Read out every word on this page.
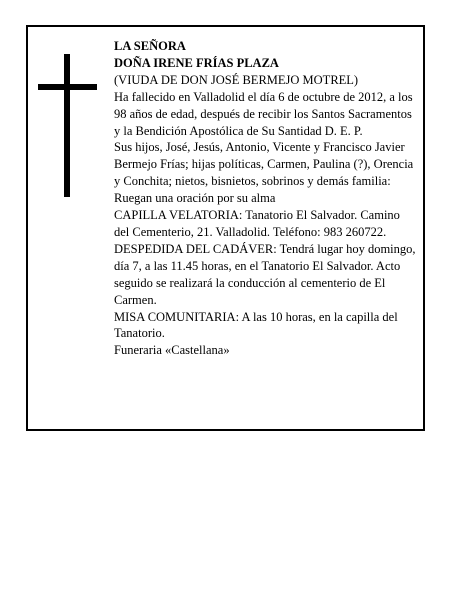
LA SEÑORA

DOÑA IRENE FRÍAS PLAZA

(VIUDA DE DON JOSÉ BERMEJO MOTREL)

Ha fallecido en Valladolid el día 6 de octubre de 2012, a los 98 años de edad, después de recibir los Santos Sacramentos y la Bendición Apostólica de Su Santidad D. E. P.

Sus hijos, José, Jesús, Antonio, Vicente y Francisco Javier Bermejo Frías; hijas políticas, Carmen, Paulina (?), Orencia y Conchita; nietos, bisnietos, sobrinos y demás familia:

Ruegan una oración por su alma

CAPILLA VELATORIA: Tanatorio El Salvador. Camino del Cementerio, 21. Valladolid. Teléfono: 983 260722.

DESPEDIDA DEL CADÁVER: Tendrá lugar hoy domingo, día 7, a las 11.45 horas, en el Tanatorio El Salvador. Acto seguido se realizará la conducción al cementerio de El Carmen.

MISA COMUNITARIA: A las 10 horas, en la capilla del Tanatorio.

Funeraria «Castellana»
